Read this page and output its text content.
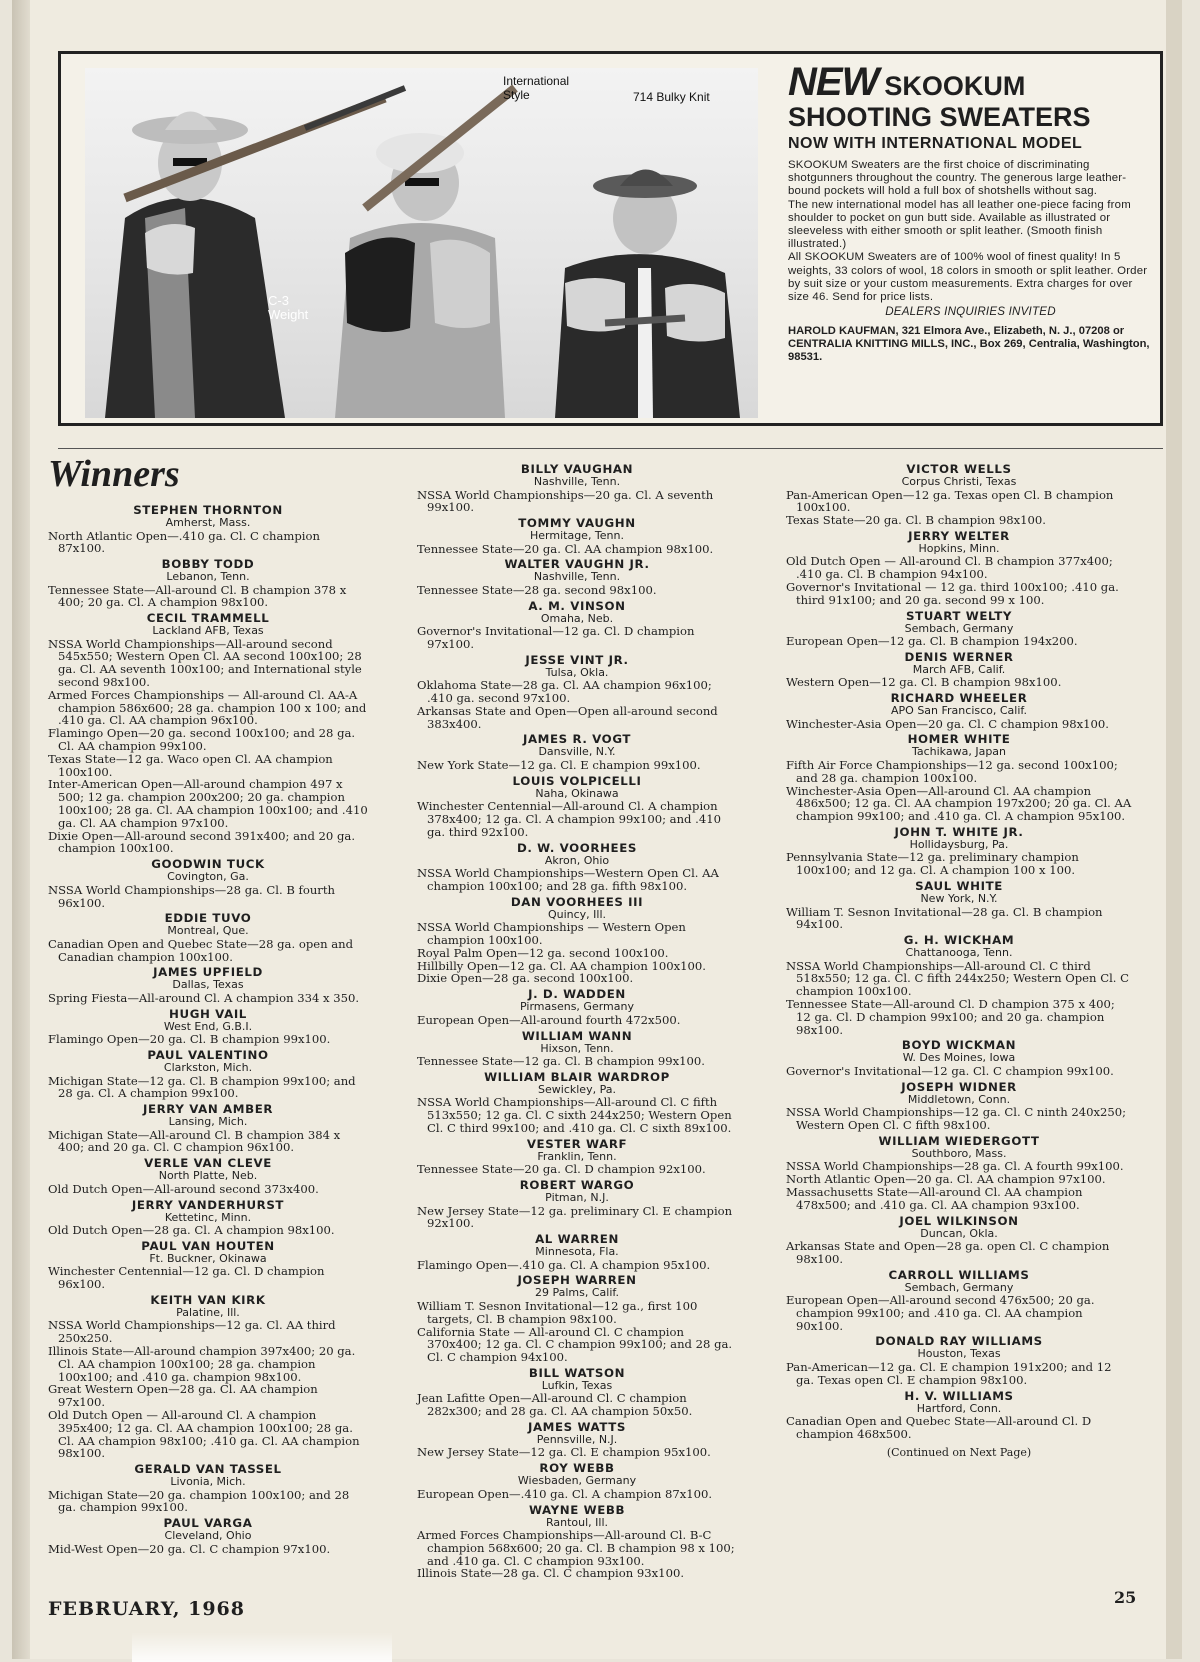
International Style	714 Bulky Knit
C-3 Weight
NEW SKOOKUM
SHOOTING SWEATERS
NOW WITH INTERNATIONAL MODEL

SKOOKUM Sweaters are the first choice of discriminating shotgunners throughout the country. The generous large leather-bound pockets will hold a full box of shotshells without sag.

The new international model has all leather one-piece facing from shoulder to pocket on gun butt side. Available as illustrated or sleeveless with either smooth or split leather. (Smooth finish illustrated.)

All SKOOKUM Sweaters are of 100% wool of finest quality! In 5 weights, 33 colors of wool, 18 colors in smooth or split leather. Order by suit size or your custom measurements. Extra charges for over size 46. Send for price lists.

DEALERS INQUIRIES INVITED
HAROLD KAUFMAN, 321 Elmora Ave., Elizabeth, N. J., 07208 or CENTRALIA KNITTING MILLS, INC., Box 269, Centralia, Washington, 98531.
Winners
STEPHEN THORNTON
Amherst, Mass.

North Atlantic Open—.410 ga. Cl. C champion 87x100.

BOBBY TODD
Lebanon, Tenn.

Tennessee State—All-around Cl. B champion 378 x 400; 20 ga. Cl. A champion 98x100.

CECIL TRAMMELL
Lackland AFB, Texas

NSSA World Championships—All-around second 545x550; Western Open Cl. AA second 100x100; 28 ga. Cl. AA seventh 100x100; and International style second 98x100.

Armed Forces Championships — All-around Cl. AA-A champion 586x600; 28 ga. champion 100 x 100; and .410 ga. Cl. AA champion 96x100.

Flamingo Open—20 ga. second 100x100; and 28 ga. Cl. AA champion 99x100.

Texas State—12 ga. Waco open Cl. AA champion 100x100.

Inter-American Open—All-around champion 497 x 500; 12 ga. champion 200x200; 20 ga. champion 100x100; 28 ga. Cl. AA champion 100x100; and .410 ga. Cl. AA champion 97x100.

Dixie Open—All-around second 391x400; and 20 ga. champion 100x100.

GOODWIN TUCK
Covington, Ga.

NSSA World Championships—28 ga. Cl. B fourth 96x100.

EDDIE TUVO
Montreal, Que.

Canadian Open and Quebec State—28 ga. open and Canadian champion 100x100.

JAMES UPFIELD
Dallas, Texas

Spring Fiesta—All-around Cl. A champion 334 x 350.

HUGH VAIL
West End, G.B.I.

Flamingo Open—20 ga. Cl. B champion 99x100.

PAUL VALENTINO
Clarkston, Mich.

Michigan State—12 ga. Cl. B champion 99x100; and 28 ga. Cl. A champion 99x100.

JERRY VAN AMBER
Lansing, Mich.

Michigan State—All-around Cl. B champion 384 x 400; and 20 ga. Cl. C champion 96x100.

VERLE VAN CLEVE
North Platte, Neb.

Old Dutch Open—All-around second 373x400.

JERRY VANDERHURST
Kettetinc, Minn.

Old Dutch Open—28 ga. Cl. A champion 98x100.

PAUL VAN HOUTEN
Ft. Buckner, Okinawa

Winchester Centennial—12 ga. Cl. D champion 96x100.

KEITH VAN KIRK
Palatine, Ill.

NSSA World Championships—12 ga. Cl. AA third 250x250.

Illinois State—All-around champion 397x400; 20 ga. Cl. AA champion 100x100; 28 ga. champion 100x100; and .410 ga. champion 98x100.

Great Western Open—28 ga. Cl. AA champion 97x100.

Old Dutch Open — All-around Cl. A champion 395x400; 12 ga. Cl. AA champion 100x100; 28 ga. Cl. AA champion 98x100; .410 ga. Cl. AA champion 98x100.

GERALD VAN TASSEL
Livonia, Mich.

Michigan State—20 ga. champion 100x100; and 28 ga. champion 99x100.

PAUL VARGA
Cleveland, Ohio

Mid-West Open—20 ga. Cl. C champion 97x100.

BILLY VAUGHAN
Nashville, Tenn.

NSSA World Championships—20 ga. Cl. A seventh 99x100.

TOMMY VAUGHN
Hermitage, Tenn.

Tennessee State—20 ga. Cl. AA champion 98x100.

WALTER VAUGHN JR.
Nashville, Tenn.

Tennessee State—28 ga. second 98x100.

A. M. VINSON
Omaha, Neb.

Governor's Invitational—12 ga. Cl. D champion 97x100.

JESSE VINT JR.
Tulsa, Okla.

Oklahoma State—28 ga. Cl. AA champion 96x100; .410 ga. second 97x100.

Arkansas State and Open—Open all-around second 383x400.

JAMES R. VOGT
Dansville, N.Y.

New York State—12 ga. Cl. E champion 99x100.

LOUIS VOLPICELLI
Naha, Okinawa

Winchester Centennial—All-around Cl. A champion 378x400; 12 ga. Cl. A champion 99x100; and .410 ga. third 92x100.

D. W. VOORHEES
Akron, Ohio

NSSA World Championships—Western Open Cl. AA champion 100x100; and 28 ga. fifth 98x100.

DAN VOORHEES III
Quincy, Ill.

NSSA World Championships — Western Open champion 100x100.

Royal Palm Open—12 ga. second 100x100.

Hillbilly Open—12 ga. Cl. AA champion 100x100.

Dixie Open—28 ga. second 100x100.

J. D. WADDEN
Pirmasens, Germany

European Open—All-around fourth 472x500.

WILLIAM WANN
Hixson, Tenn.

Tennessee State—12 ga. Cl. B champion 99x100.

WILLIAM BLAIR WARDROP
Sewickley, Pa.

NSSA World Championships—All-around Cl. C fifth 513x550; 12 ga. Cl. C sixth 244x250; Western Open Cl. C third 99x100; and .410 ga. Cl. C sixth 89x100.

VESTER WARF
Franklin, Tenn.

Tennessee State—20 ga. Cl. D champion 92x100.

ROBERT WARGO
Pitman, N.J.

New Jersey State—12 ga. preliminary Cl. E champion 92x100.

AL WARREN
Minnesota, Fla.

Flamingo Open—.410 ga. Cl. A champion 95x100.

JOSEPH WARREN
29 Palms, Calif.

William T. Sesnon Invitational—12 ga., first 100 targets, Cl. B champion 98x100.

California State — All-around Cl. C champion 370x400; 12 ga. Cl. C champion 99x100; and 28 ga. Cl. C champion 94x100.

BILL WATSON
Lufkin, Texas

Jean Lafitte Open—All-around Cl. C champion 282x300; and 28 ga. Cl. AA champion 50x50.

JAMES WATTS
Pennsville, N.J.

New Jersey State—12 ga. Cl. E champion 95x100.

ROY WEBB
Wiesbaden, Germany

European Open—.410 ga. Cl. A champion 87x100.

WAYNE WEBB
Rantoul, Ill.

Armed Forces Championships—All-around Cl. B-C champion 568x600; 20 ga. Cl. B champion 98 x 100; and .410 ga. Cl. C champion 93x100.

Illinois State—28 ga. Cl. C champion 93x100.

VICTOR WELLS
Corpus Christi, Texas

Pan-American Open—12 ga. Texas open Cl. B champion 100x100.

Texas State—20 ga. Cl. B champion 98x100.

JERRY WELTER
Hopkins, Minn.

Old Dutch Open — All-around Cl. B champion 377x400; .410 ga. Cl. B champion 94x100.

Governor's Invitational — 12 ga. third 100x100; .410 ga. third 91x100; and 20 ga. second 99 x 100.

STUART WELTY
Sembach, Germany

European Open—12 ga. Cl. B champion 194x200.

DENIS WERNER
March AFB, Calif.

Western Open—12 ga. Cl. B champion 98x100.

RICHARD WHEELER
APO San Francisco, Calif.

Winchester-Asia Open—20 ga. Cl. C champion 98x100.

HOMER WHITE
Tachikawa, Japan

Fifth Air Force Championships—12 ga. second 100x100; and 28 ga. champion 100x100.

Winchester-Asia Open—All-around Cl. AA champion 486x500; 12 ga. Cl. AA champion 197x200; 20 ga. Cl. AA champion 99x100; and .410 ga. Cl. A champion 95x100.

JOHN T. WHITE JR.
Hollidaysburg, Pa.

Pennsylvania State—12 ga. preliminary champion 100x100; and 12 ga. Cl. A champion 100 x 100.

SAUL WHITE
New York, N.Y.

William T. Sesnon Invitational—28 ga. Cl. B champion 94x100.

G. H. WICKHAM
Chattanooga, Tenn.

NSSA World Championships—All-around Cl. C third 518x550; 12 ga. Cl. C fifth 244x250; Western Open Cl. C champion 100x100.

Tennessee State—All-around Cl. D champion 375 x 400; 12 ga. Cl. D champion 99x100; and 20 ga. champion 98x100.

BOYD WICKMAN
W. Des Moines, Iowa

Governor's Invitational—12 ga. Cl. C champion 99x100.

JOSEPH WIDNER
Middletown, Conn.

NSSA World Championships—12 ga. Cl. C ninth 240x250; Western Open Cl. C fifth 98x100.

WILLIAM WIEDERGOTT
Southboro, Mass.

NSSA World Championships—28 ga. Cl. A fourth 99x100.

North Atlantic Open—20 ga. Cl. AA champion 97x100.

Massachusetts State—All-around Cl. AA champion 478x500; and .410 ga. Cl. AA champion 93x100.

JOEL WILKINSON
Duncan, Okla.

Arkansas State and Open—28 ga. open Cl. C champion 98x100.

CARROLL WILLIAMS
Sembach, Germany

European Open—All-around second 476x500; 20 ga. champion 99x100; and .410 ga. Cl. AA champion 90x100.

DONALD RAY WILLIAMS
Houston, Texas

Pan-American—12 ga. Cl. E champion 191x200; and 12 ga. Texas open Cl. E champion 98x100.

H. V. WILLIAMS
Hartford, Conn.

Canadian Open and Quebec State—All-around Cl. D champion 468x500.

(Continued on Next Page)
FEBRUARY, 1968
25
